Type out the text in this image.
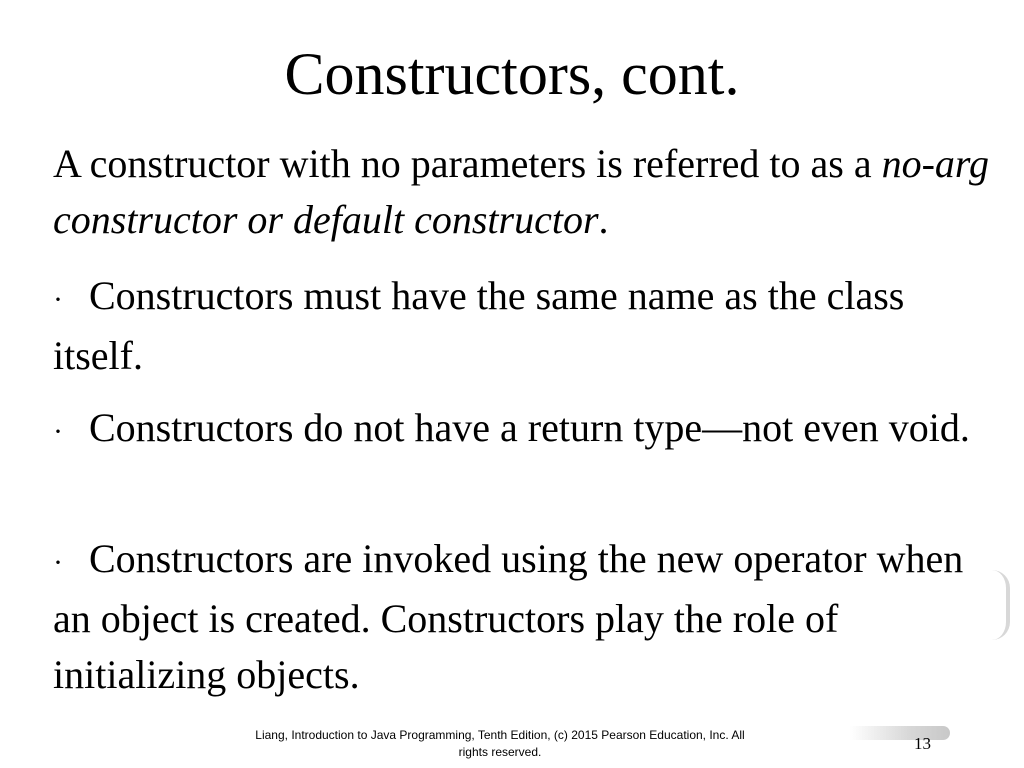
Constructors, cont.

A constructor with no parameters is referred to as a no-arg constructor or default constructor.

· Constructors must have the same name as the class itself.

· Constructors do not have a return type—not even void.

· Constructors are invoked using the new operator when an object is created. Constructors play the role of initializing objects.

Liang, Introduction to Java Programming, Tenth Edition, (c) 2015 Pearson Education, Inc. All
rights reserved.	13
